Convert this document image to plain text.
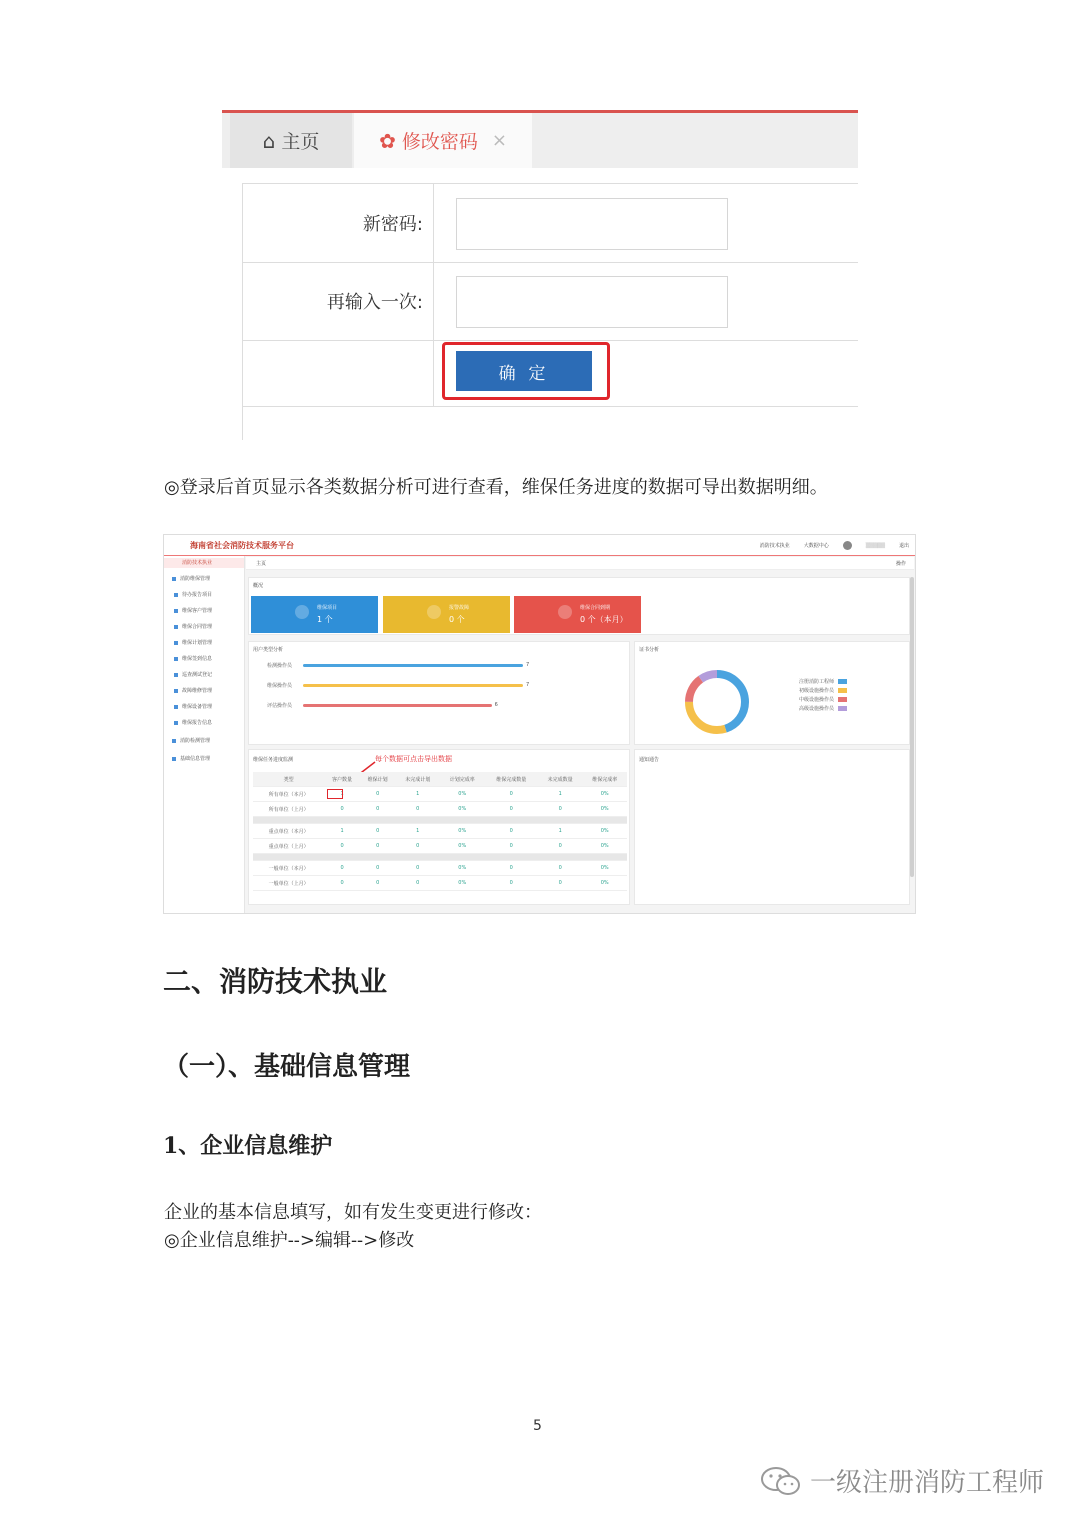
⌂ 主页	✿ 修改密码 ×
新密码:
再输入一次:
确 定
◎登录后首页显示各类数据分析可进行查看，维保任务进度的数据可导出数据明细。
海南省社会消防技术服务平台	消防技术执业	大数据中心	▒▒▒▒▒	退出
消防技术执业
消防维保管理
待办报告项目
维保客户管理
维保合同管理
维保计划管理
维保签到信息
巡查测试登记
故障维修管理
维保设备管理
维保报告信息
消防检测管理
基础信息管理
主页	操作
概况
维保项目
1 个
报警故障
0 个
维保合同到期
0 个（本月）
用户类型分析
检测操作员	7
维保操作员	7
评估操作员	6
证书分析
注册消防工程师
初级设施操作员
中级设施操作员
高级设施操作员
维保任务进度监测	每个数据可点击导出数据
类型	客户数量	维保计划	未完成计划	计划完成率	维保完成数量	未完成数量	维保完成率
所有单位（本月）	1	0	1	0%	0	1	0%
所有单位（上月）	0	0	0	0%	0	0	0%

重点单位（本月）	1	0	1	0%	0	1	0%
重点单位（上月）	0	0	0	0%	0	0	0%

一般单位（本月）	0	0	0	0%	0	0	0%
一般单位（上月）	0	0	0	0%	0	0	0%
通知通告
二、消防技术执业
（一）、基础信息管理
1、企业信息维护
企业的基本信息填写，如有发生变更进行修改：
◎企业信息维护-->编辑-->修改
5
一级注册消防工程师
